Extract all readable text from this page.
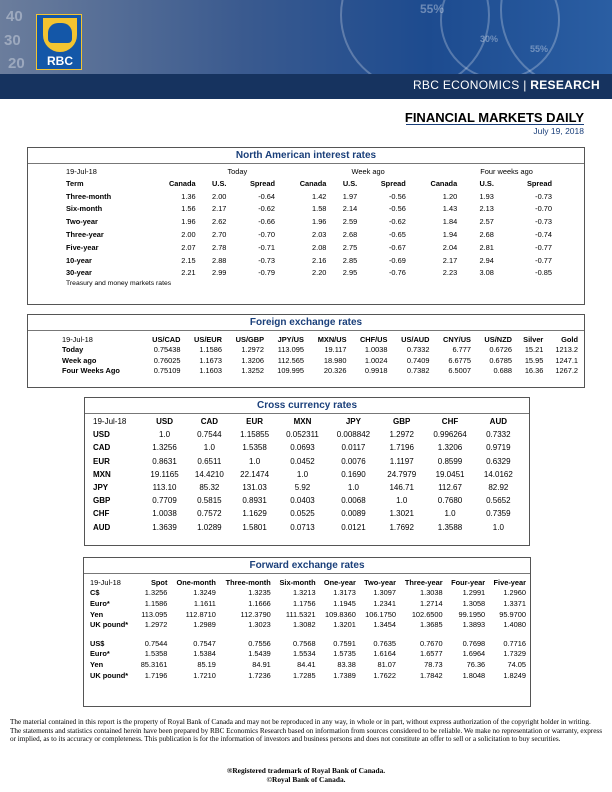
40
30
20
55%
30%
55%
RBC ECONOMICS | RESEARCH
RBC
FINANCIAL MARKETS DAILY
July 19, 2018
North American interest rates
19-Jul-18		Today			Week ago			Four weeks ago	
Term	Canada	U.S.	Spread	Canada	U.S.	Spread	Canada	U.S.	Spread
Three-month	1.36	2.00	-0.64	1.42	1.97	-0.56	1.20	1.93	-0.73
Six-month	1.56	2.17	-0.62	1.58	2.14	-0.56	1.43	2.13	-0.70
Two-year	1.96	2.62	-0.66	1.96	2.59	-0.62	1.84	2.57	-0.73
Three-year	2.00	2.70	-0.70	2.03	2.68	-0.65	1.94	2.68	-0.74
Five-year	2.07	2.78	-0.71	2.08	2.75	-0.67	2.04	2.81	-0.77
10-year	2.15	2.88	-0.73	2.16	2.85	-0.69	2.17	2.94	-0.77
30-year	2.21	2.99	-0.79	2.20	2.95	-0.76	2.23	3.08	-0.85
Treasury and money markets rates
Foreign exchange rates
19-Jul-18	US/CAD	US/EUR	US/GBP	JPY/US	MXN/US	CHF/US	US/AUD	CNY/US	US/NZD	Silver	Gold
Today	0.75438	1.1586	1.2972	113.095	19.117	1.0038	0.7332	6.777	0.6726	15.21	1213.2
Week ago	0.76025	1.1673	1.3206	112.565	18.980	1.0024	0.7409	6.6775	0.6785	15.95	1247.1
Four Weeks Ago	0.75109	1.1603	1.3252	109.995	20.326	0.9918	0.7382	6.5007	0.688	16.36	1267.2
Cross currency rates
19-Jul-18	USD	CAD	EUR	MXN	JPY	GBP	CHF	AUD
USD	1.0	0.7544	1.15855	0.052311	0.008842	1.2972	0.996264	0.7332
CAD	1.3256	1.0	1.5358	0.0693	0.0117	1.7196	1.3206	0.9719
EUR	0.8631	0.6511	1.0	0.0452	0.0076	1.1197	0.8599	0.6329
MXN	19.1165	14.4210	22.1474	1.0	0.1690	24.7979	19.0451	14.0162
JPY	113.10	85.32	131.03	5.92	1.0	146.71	112.67	82.92
GBP	0.7709	0.5815	0.8931	0.0403	0.0068	1.0	0.7680	0.5652
CHF	1.0038	0.7572	1.1629	0.0525	0.0089	1.3021	1.0	0.7359
AUD	1.3639	1.0289	1.5801	0.0713	0.0121	1.7692	1.3588	1.0
Forward exchange rates
19-Jul-18	Spot	One-month	Three-month	Six-month	One-year	Two-year	Three-year	Four-year	Five-year
C$	1.3256	1.3249	1.3235	1.3213	1.3173	1.3097	1.3038	1.2991	1.2960
Euro*	1.1586	1.1611	1.1666	1.1756	1.1945	1.2341	1.2714	1.3058	1.3371
Yen	113.095	112.8710	112.3790	111.5321	109.8360	106.1750	102.6500	99.1950	95.9700
UK pound*	1.2972	1.2989	1.3023	1.3082	1.3201	1.3454	1.3685	1.3893	1.4080

US$	0.7544	0.7547	0.7556	0.7568	0.7591	0.7635	0.7670	0.7698	0.7716
Euro*	1.5358	1.5384	1.5439	1.5534	1.5735	1.6164	1.6577	1.6964	1.7329
Yen	85.3161	85.19	84.91	84.41	83.38	81.07	78.73	76.36	74.05
UK pound*	1.7196	1.7210	1.7236	1.7285	1.7389	1.7622	1.7842	1.8048	1.8249
The material contained in this report is the property of Royal Bank of Canada and may not be reproduced in any way, in whole or in part, without express authorization of the copyright holder in writing. The statements and statistics contained herein have been prepared by RBC Economics Research based on information from sources considered to be reliable. We make no representation or warranty, express or implied, as to its accuracy or completeness. This publication is for the information of investors and business persons and does not constitute an offer to sell or a solicitation to buy securities.
®Registered trademark of Royal Bank of Canada.
©Royal Bank of Canada.
